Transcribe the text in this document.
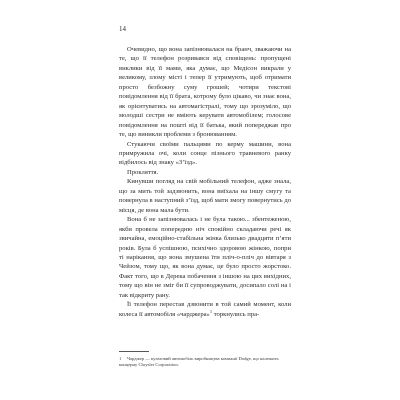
14

Очевидно, що вона запізнювалася на бранч, зважаючи на те, що її телефон розривався від сповіщень: пропущені виклики від її мами, яка думає, що Медісон викрали у великому, злому місті і тепер її утримують, щоб отримати просто безбожну суму грошей; чотири текстові повідомлення від її брата, котрому було цікаво, чи знає вона, як орієнтуватись на автомагістралі, тому що зрозуміло, що молодші сестри не вміють керувати автомобілем; голосове повідомлення на пошті від її батька, який попереджав про те, що виникли проблеми з бронюванням.

Стукаючи своїми пальцями по керму машини, вона примружила очі, коли сонце пізнього травневого ранку відбилось від знаку «З’їзд».

Прокляття.

Кинувши погляд на свій мобільний телефон, адже знала, що за мить той задзвонить, вона виїхала на іншу смугу та повернула в наступний з’їзд, щоб мати змогу повернутись до місця, де вона мала бути.

Вона б не запізнювалась і не була такою... збентеженою, якби провела попередню ніч спокійно складаючи речі як звичайна, емоційно-стабільна жінка близько двадцяти п’яти років. Була б успішною, психічно здоровою жінкою, попри ті нарікання, що вона змушена їти пліч-о-пліч до вівтаря з Чейзом, тому що, як вона думає, це було просто жорстоко. Факт того, що в Дерека побачення з іншою на цих вихідних, тому що він не зміг би її супроводжувати, досипало солі на і так відкриту рану.

Її телефон перестав дзвонити в той самий момент, коли колеса її автомобіля «чарджера»$^1$ торкнулись пра-

1 Чарджер — культовий автомобіль виробництва компанії Dodge, що належить концерну Chrysler Corporation.
